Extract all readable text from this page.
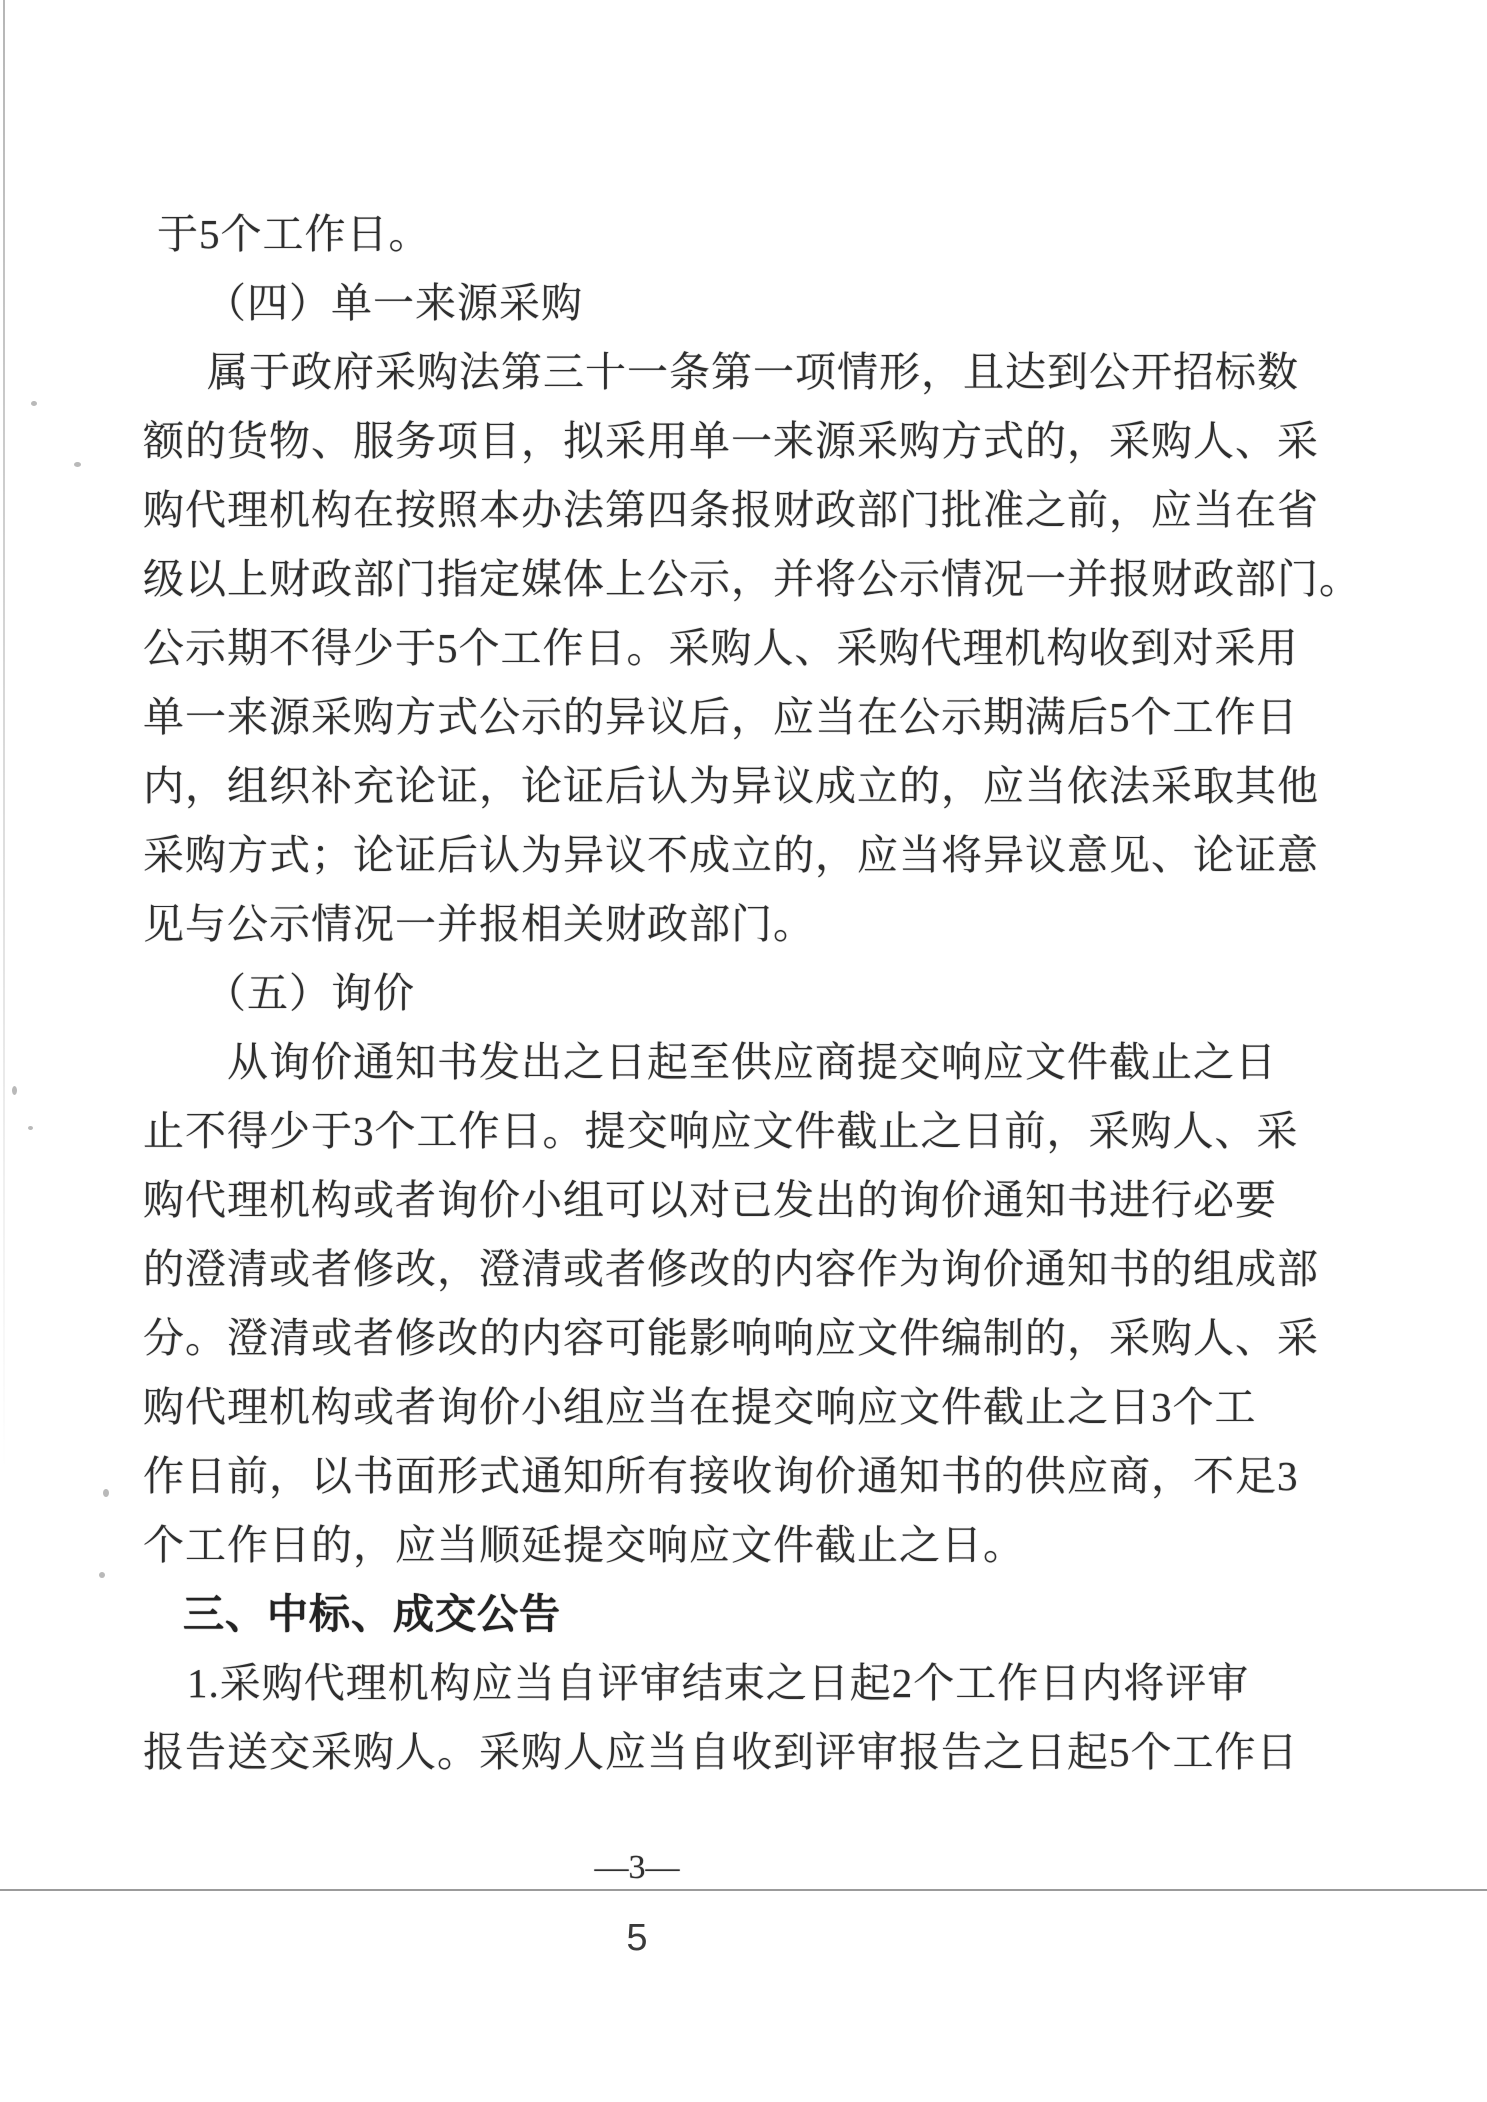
于5个工作日。
（四）单一来源采购
属于政府采购法第三十一条第一项情形，且达到公开招标数
额的货物、服务项目，拟采用单一来源采购方式的，采购人、采
购代理机构在按照本办法第四条报财政部门批准之前，应当在省
级以上财政部门指定媒体上公示，并将公示情况一并报财政部门。
公示期不得少于5个工作日。采购人、采购代理机构收到对采用
单一来源采购方式公示的异议后，应当在公示期满后5个工作日
内，组织补充论证，论证后认为异议成立的，应当依法采取其他
采购方式；论证后认为异议不成立的，应当将异议意见、论证意
见与公示情况一并报相关财政部门。
（五）询价
从询价通知书发出之日起至供应商提交响应文件截止之日
止不得少于3个工作日。提交响应文件截止之日前，采购人、采
购代理机构或者询价小组可以对已发出的询价通知书进行必要
的澄清或者修改，澄清或者修改的内容作为询价通知书的组成部
分。澄清或者修改的内容可能影响响应文件编制的，采购人、采
购代理机构或者询价小组应当在提交响应文件截止之日3个工
作日前，以书面形式通知所有接收询价通知书的供应商，不足3
个工作日的，应当顺延提交响应文件截止之日。
三、中标、成交公告
1.采购代理机构应当自评审结束之日起2个工作日内将评审
报告送交采购人。采购人应当自收到评审报告之日起5个工作日
—3—
5
